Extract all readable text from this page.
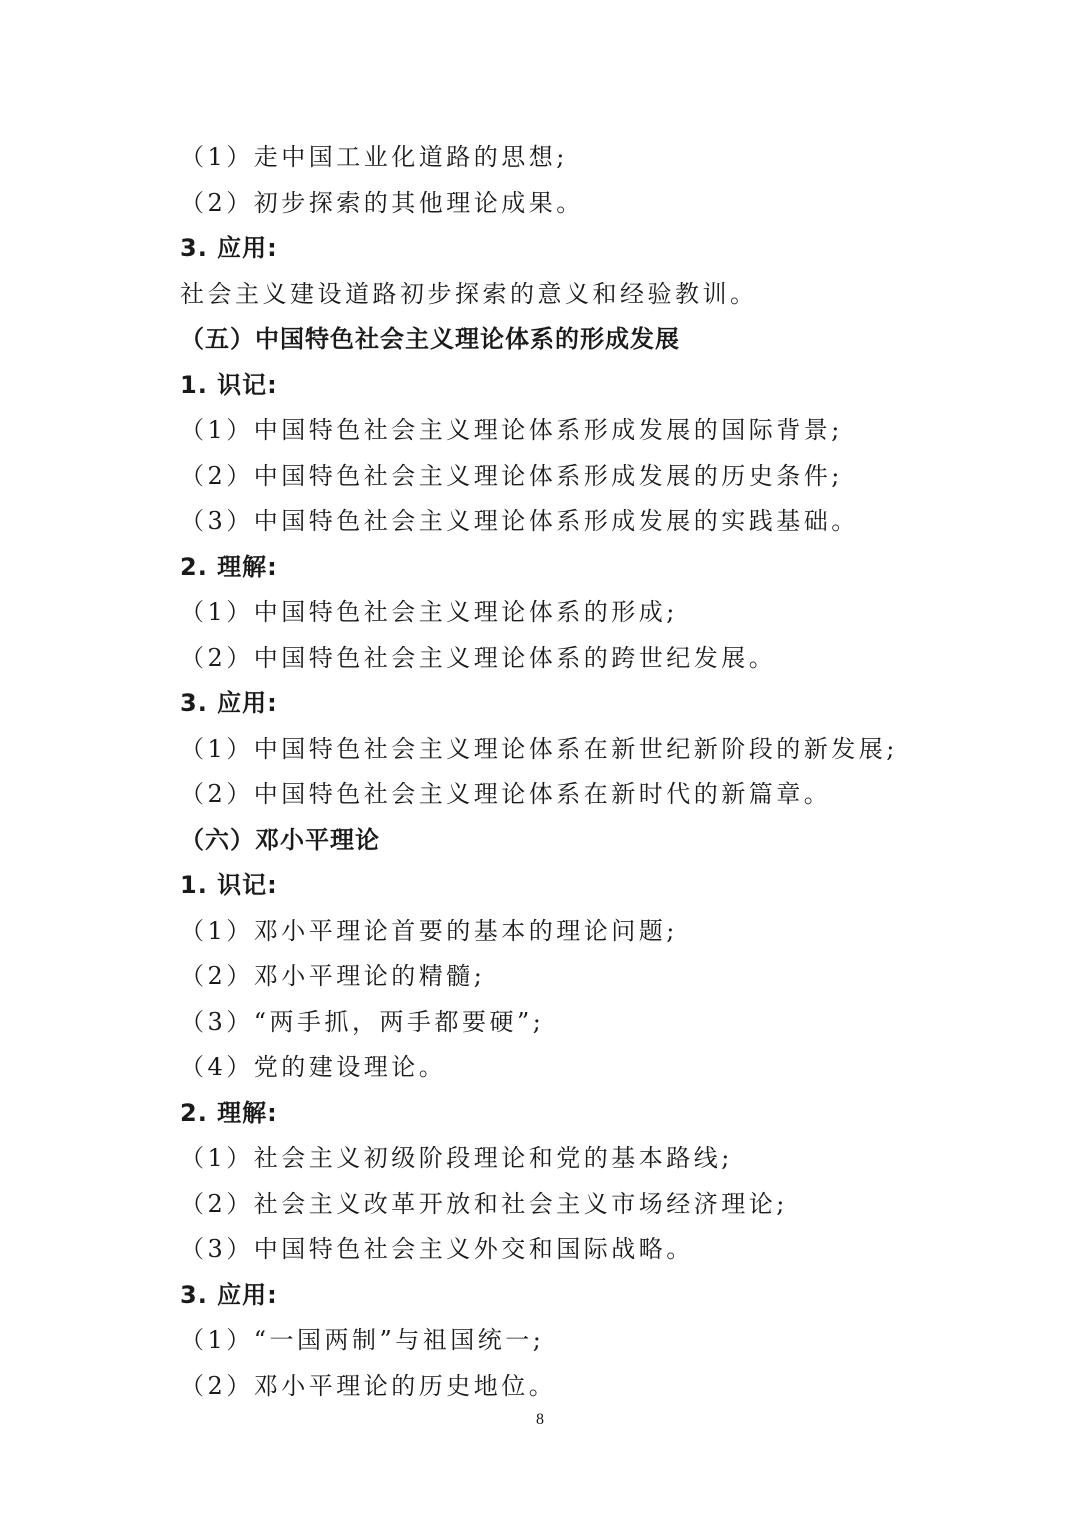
（1）走中国工业化道路的思想;
（2）初步探索的其他理论成果。
3. 应用:
社会主义建设道路初步探索的意义和经验教训。
（五）中国特色社会主义理论体系的形成发展
1. 识记:
（1）中国特色社会主义理论体系形成发展的国际背景;
（2）中国特色社会主义理论体系形成发展的历史条件;
（3）中国特色社会主义理论体系形成发展的实践基础。
2. 理解:
（1）中国特色社会主义理论体系的形成;
（2）中国特色社会主义理论体系的跨世纪发展。
3. 应用:
（1）中国特色社会主义理论体系在新世纪新阶段的新发展;
（2）中国特色社会主义理论体系在新时代的新篇章。
（六）邓小平理论
1. 识记:
（1）邓小平理论首要的基本的理论问题;
（2）邓小平理论的精髓;
（3）“两手抓，两手都要硬”;
（4）党的建设理论。
2. 理解:
（1）社会主义初级阶段理论和党的基本路线;
（2）社会主义改革开放和社会主义市场经济理论;
（3）中国特色社会主义外交和国际战略。
3. 应用:
（1）“一国两制”与祖国统一;
（2）邓小平理论的历史地位。
8
